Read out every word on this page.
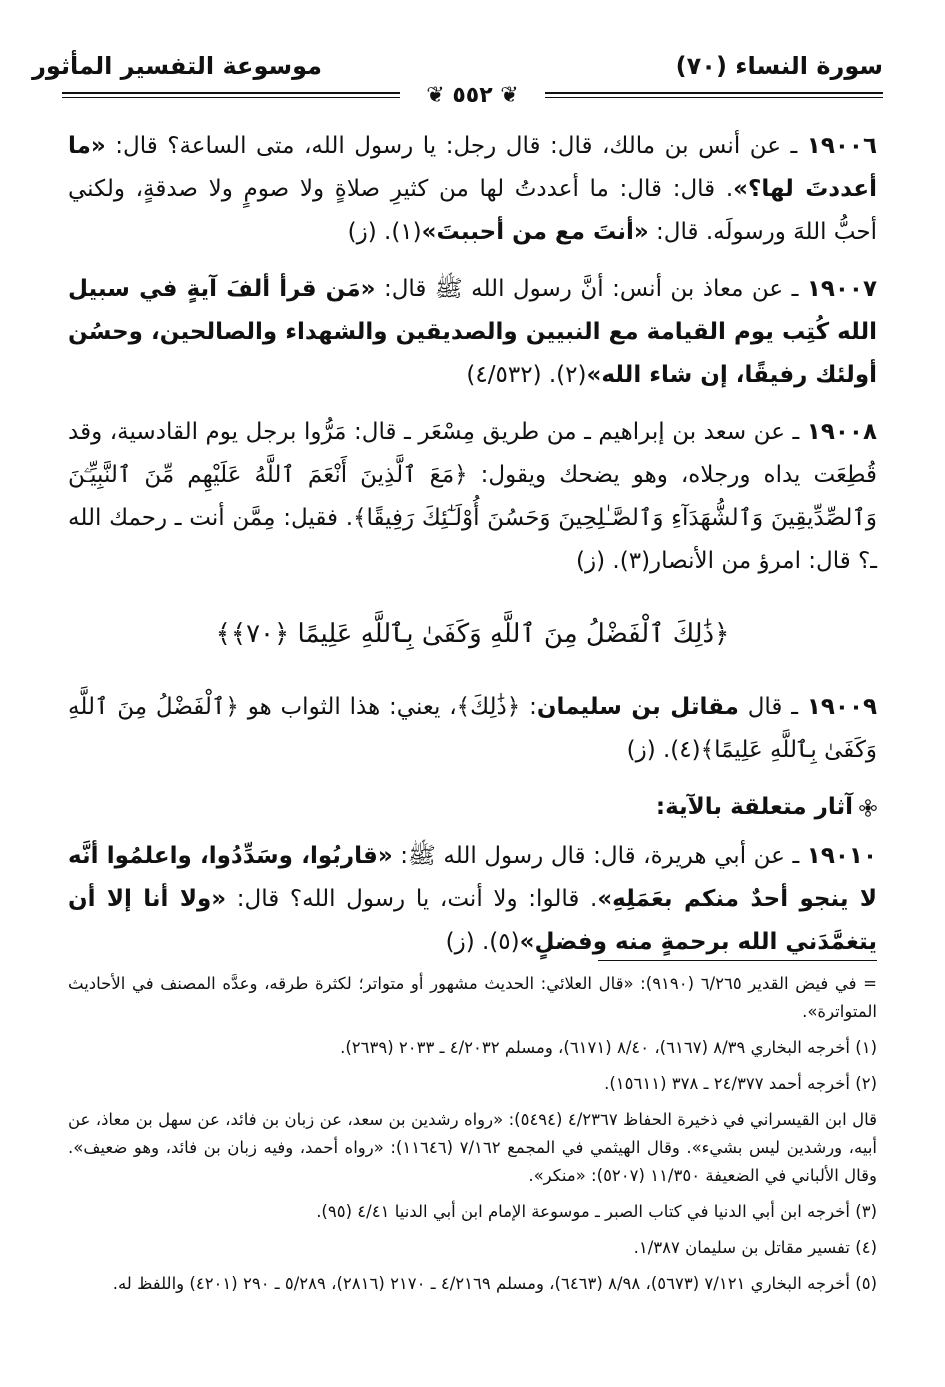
سورة النساء (٧٠)
موسوعة التفسير المأثور
❦ ٥٥٢ ❦

١٩٠٠٦ ـ عن أنس بن مالك، قال: قال رجل: يا رسول الله، متى الساعة؟ قال: «ما أعددتَ لها؟». قال: قال: ما أعددتُ لها من كثيرِ صلاةٍ ولا صومٍ ولا صدقةٍ، ولكني أحبُّ اللهَ ورسولَه. قال: «أنتَ مع من أحببتَ»(١). (ز)

١٩٠٠٧ ـ عن معاذ بن أنس: أنَّ رسول الله ﷺ قال: «مَن قرأ ألفَ آيةٍ في سبيل الله كُتِب يوم القيامة مع النبيين والصديقين والشهداء والصالحين، وحسُن أولئك رفيقًا، إن شاء الله»(٢). (٤/٥٣٢)

١٩٠٠٨ ـ عن سعد بن إبراهيم ـ من طريق مِسْعَر ـ قال: مَرُّوا برجل يوم القادسية، وقد قُطِعَت يداه ورجلاه، وهو يضحك ويقول: ﴿مَعَ ٱلَّذِينَ أَنْعَمَ ٱللَّهُ عَلَيْهِم مِّنَ ٱلنَّبِيِّـۧنَ وَٱلصِّدِّيقِينَ وَٱلشُّهَدَآءِ وَٱلصَّـٰلِحِينَ وَحَسُنَ أُوْلَـٰٓئِكَ رَفِيقًا﴾. فقيل: مِمَّن أنت ـ رحمك الله ـ؟ قال: امرؤ من الأنصار(٣). (ز)

﴿ذَٰلِكَ ٱلْفَضْلُ مِنَ ٱللَّهِ وَكَفَىٰ بِٱللَّهِ عَلِيمًا ﴿٧٠﴾﴾

١٩٠٠٩ ـ قال مقاتل بن سليمان: ﴿ذَٰلِكَ﴾، يعني: هذا الثواب هو ﴿ٱلْفَضْلُ مِنَ ٱللَّهِ وَكَفَىٰ بِٱللَّهِ عَلِيمًا﴾(٤). (ز)

آثار متعلقة بالآية:

١٩٠١٠ ـ عن أبي هريرة، قال: قال رسول الله ﷺ: «قاربُوا، وسَدِّدُوا، واعلمُوا أنَّه لا ينجو أحدٌ منكم بعَمَلِهِ». قالوا: ولا أنت، يا رسول الله؟ قال: «ولا أنا إلا أن يتغمَّدَني الله برحمةٍ منه وفضلٍ»(٥). (ز)

= في فيض القدير ٦/٢٦٥ (٩١٩٠): «قال العلائي: الحديث مشهور أو متواتر؛ لكثرة طرقه، وعدَّه المصنف في الأحاديث المتواترة».

(١) أخرجه البخاري ٨/٣٩ (٦١٦٧)، ٨/٤٠ (٦١٧١)، ومسلم ٤/٢٠٣٢ ـ ٢٠٣٣ (٢٦٣٩).

(٢) أخرجه أحمد ٢٤/٣٧٧ ـ ٣٧٨ (١٥٦١١).

قال ابن القيسراني في ذخيرة الحفاظ ٤/٢٣٦٧ (٥٤٩٤): «رواه رشدين بن سعد، عن زبان بن فائد، عن سهل بن معاذ، عن أبيه، ورشدين ليس بشيء». وقال الهيثمي في المجمع ٧/١٦٢ (١١٦٤٦): «رواه أحمد، وفيه زبان بن فائد، وهو ضعيف». وقال الألباني في الضعيفة ١١/٣٥٠ (٥٢٠٧): «منكر».

(٣) أخرجه ابن أبي الدنيا في كتاب الصبر ـ موسوعة الإمام ابن أبي الدنيا ٤/٤١ (٩٥).

(٤) تفسير مقاتل بن سليمان ١/٣٨٧.

(٥) أخرجه البخاري ٧/١٢١ (٥٦٧٣)، ٨/٩٨ (٦٤٦٣)، ومسلم ٤/٢١٦٩ ـ ٢١٧٠ (٢٨١٦)، ٥/٢٨٩ ـ ٢٩٠ (٤٢٠١) واللفظ له.
